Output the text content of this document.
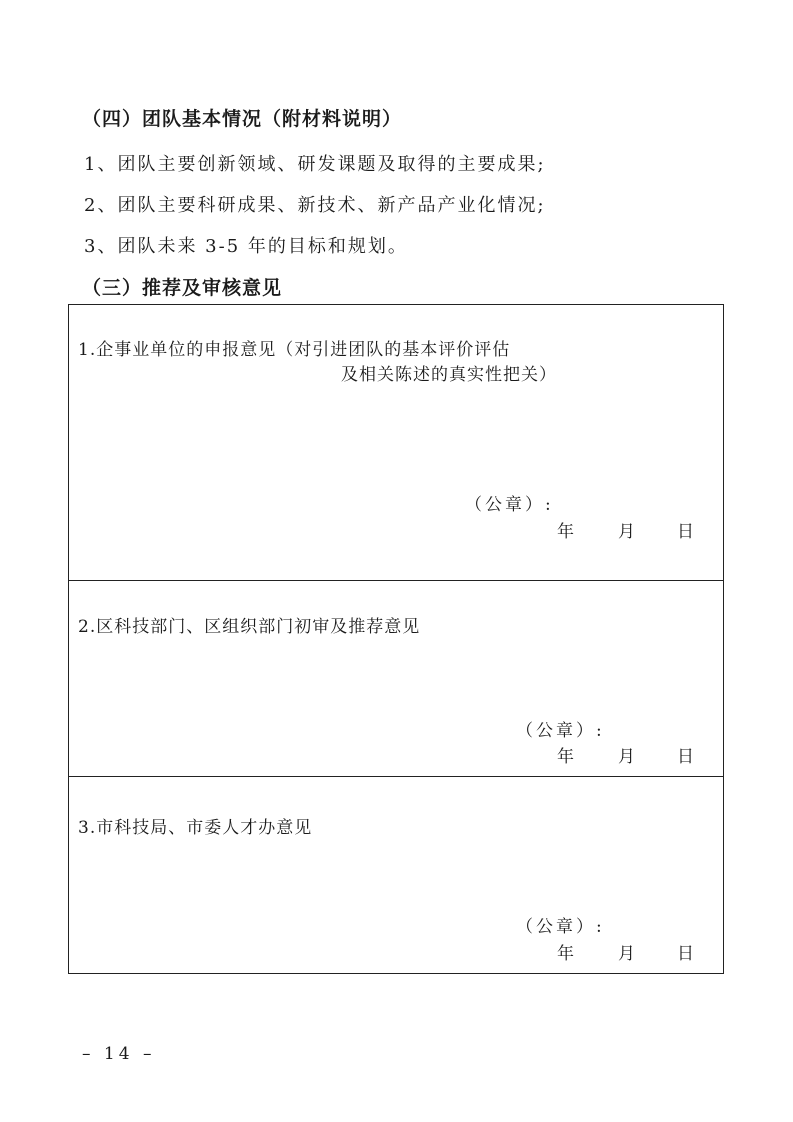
（四）团队基本情况（附材料说明）
1、团队主要创新领域、研发课题及取得的主要成果;
2、团队主要科研成果、新技术、新产品产业化情况;
3、团队未来 3-5 年的目标和规划。
（三）推荐及审核意见
1.企事业单位的申报意见（对引进团队的基本评价评估
及相关陈述的真实性把关）
（公章）:
年	月 日
2.区科技部门、区组织部门初审及推荐意见
（公章）:
年	月 日
3.市科技局、市委人才办意见
（公章）:
年	月 日
– 14 –
